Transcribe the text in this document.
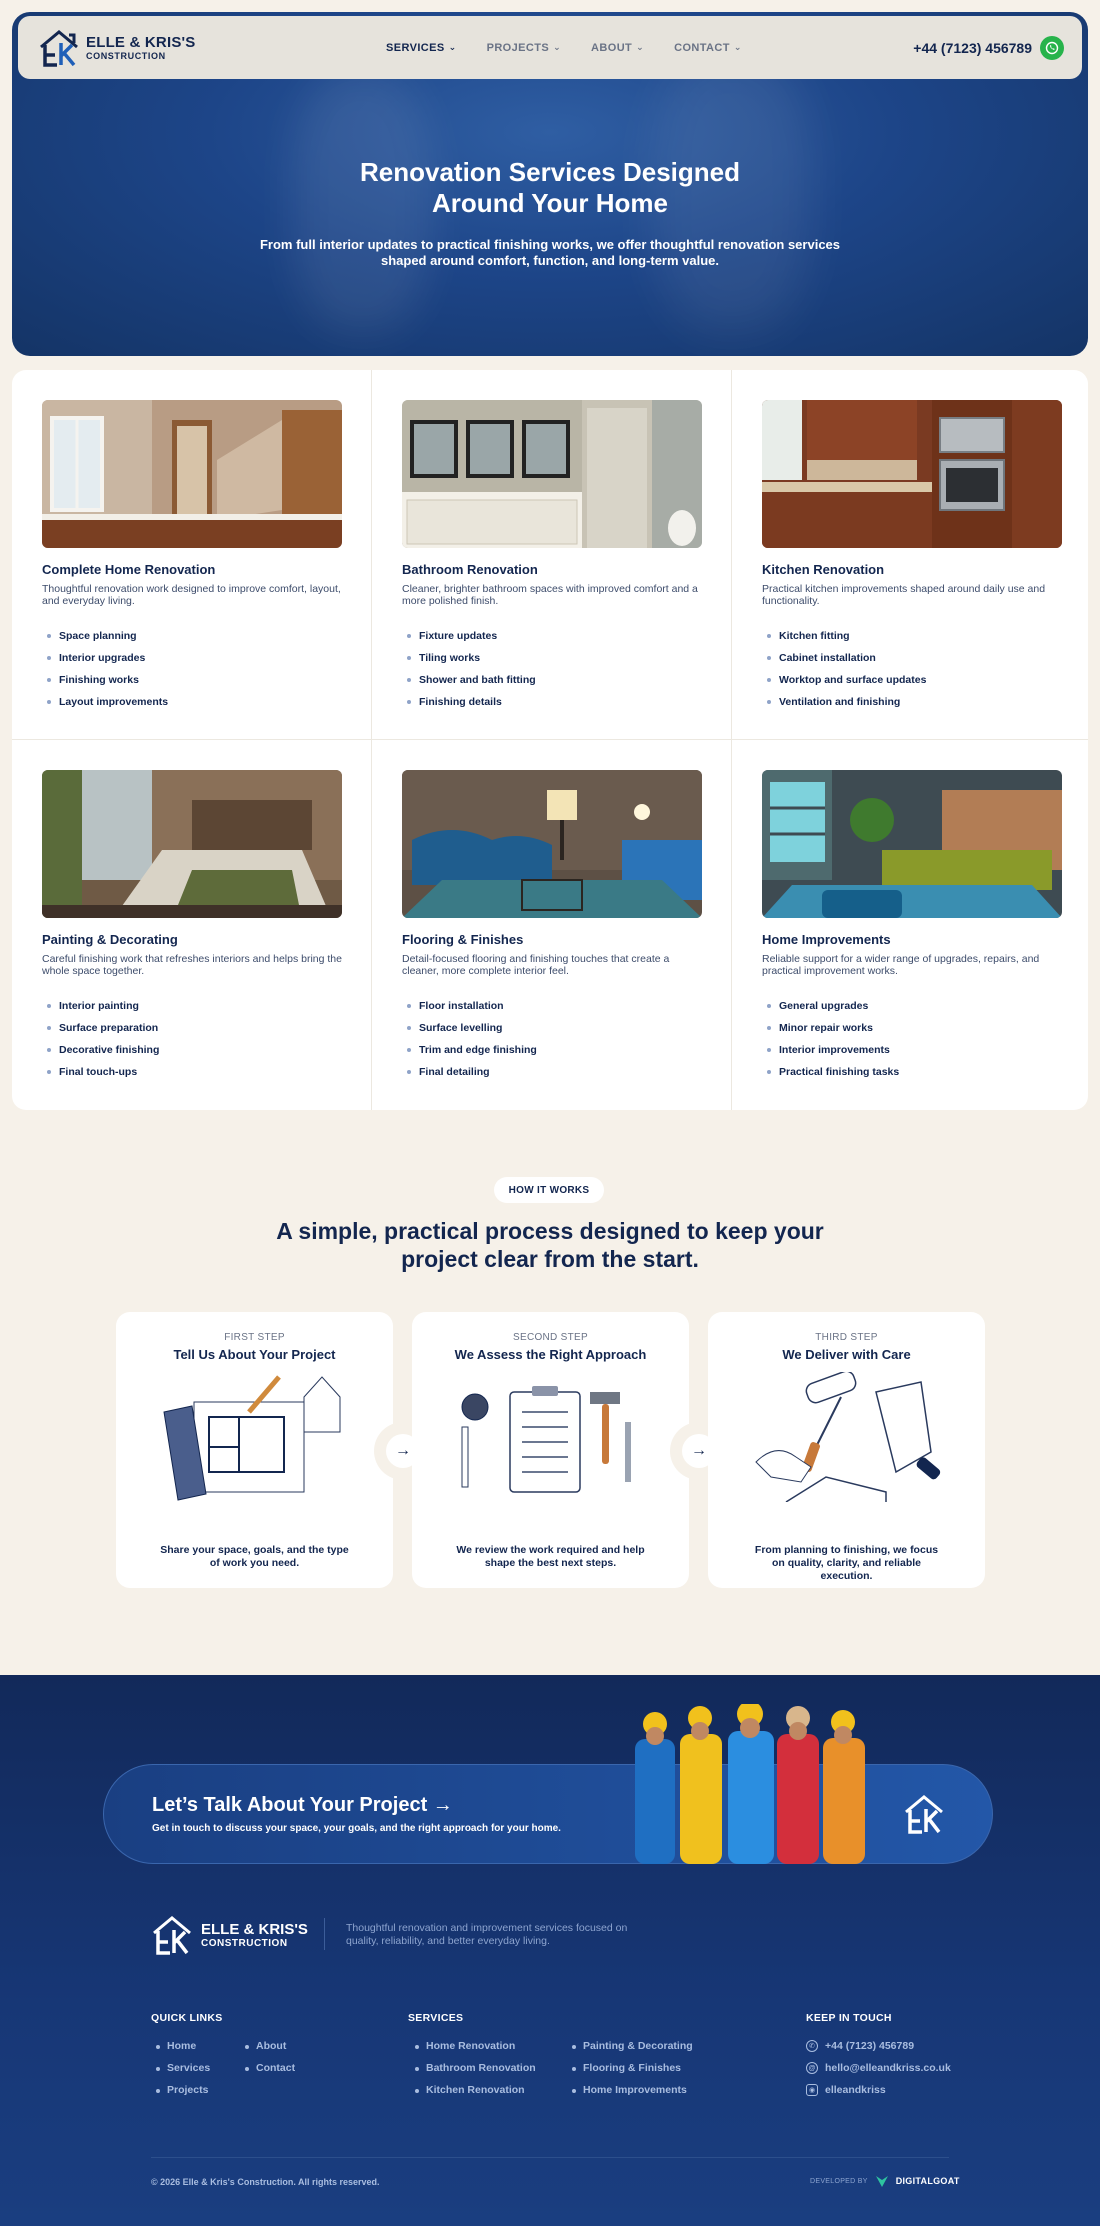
Renovation Services Designed
Around Your Home

From full interior updates to practical finishing works, we offer thoughtful renovation services
shaped around comfort, function, and long-term value.

ELLE & KRIS'S
CONSTRUCTION
SERVICES ⌄	PROJECTS ⌄	ABOUT ⌄	CONTACT ⌄	+44 (7123) 456789
Complete Home Renovation

Thoughtful renovation work designed to improve comfort, layout, and everyday living.

Space planning
Interior upgrades
Finishing works
Layout improvements
Bathroom Renovation

Cleaner, brighter bathroom spaces with improved comfort and a more polished finish.

Fixture updates
Tiling works
Shower and bath fitting
Finishing details
Kitchen Renovation

Practical kitchen improvements shaped around daily use and functionality.

Kitchen fitting
Cabinet installation
Worktop and surface updates
Ventilation and finishing
Painting & Decorating

Careful finishing work that refreshes interiors and helps bring the whole space together.

Interior painting
Surface preparation
Decorative finishing
Final touch-ups
Flooring & Finishes

Detail-focused flooring and finishing touches that create a cleaner, more complete interior feel.

Floor installation
Surface levelling
Trim and edge finishing
Final detailing
Home Improvements

Reliable support for a wider range of upgrades, repairs, and practical improvement works.

General upgrades
Minor repair works
Interior improvements
Practical finishing tasks
HOW IT WORKS
A simple, practical process designed to keep your
project clear from the start.
FIRST STEP
Tell Us About Your Project
Share your space, goals, and the type of work you need.
→
SECOND STEP
We Assess the Right Approach
We review the work required and help shape the best next steps.
→
THIRD STEP
We Deliver with Care
From planning to finishing, we focus on quality, clarity, and reliable execution.
Let’s Talk About Your Project →

Get in touch to discuss your space, your goals, and the right approach for your home.

ELLE & KRIS'S
CONSTRUCTION
Thoughtful renovation and improvement services focused on quality, reliability, and better everyday living.
QUICK LINKS
Home
Services
Projects
About
Contact
SERVICES
Home Renovation
Bathroom Renovation
Kitchen Renovation
Painting & Decorating
Flooring & Finishes
Home Improvements
KEEP IN TOUCH
✆ +44 (7123) 456789
@ hello@elleandkriss.co.uk
◉ elleandkriss
© 2026 Elle & Kris's Construction. All rights reserved.	DEVELOPED BY	DIGITALGOAT
